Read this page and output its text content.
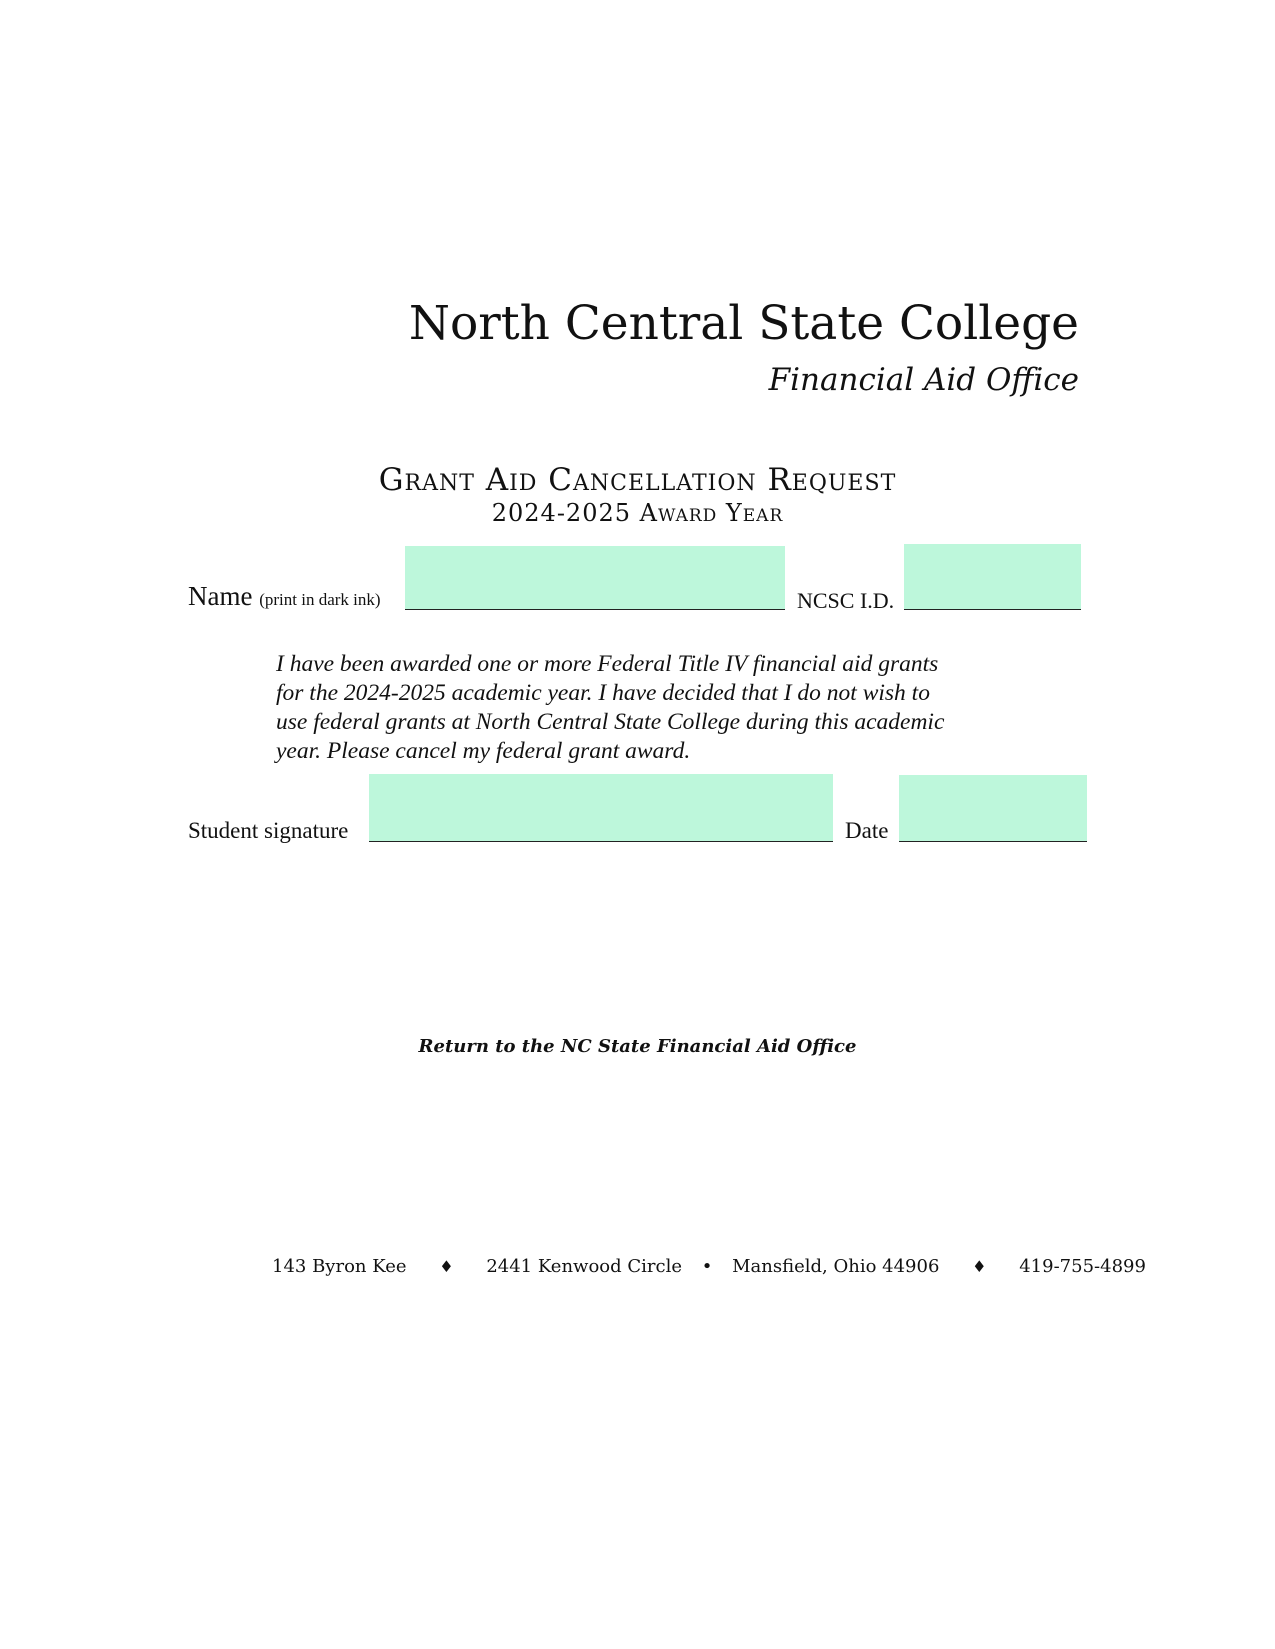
North Central State College
Financial Aid Office
Grant Aid Cancellation Request
2024-2025 Award Year
Name (print in dark ink)	NCSC I.D.

I have been awarded one or more Federal Title IV financial aid grants

for the 2024-2025 academic year. I have decided that I do not wish to

use federal grants at North Central State College during this academic

year. Please cancel my federal grant award.

Student signature	Date
Return to the NC State Financial Aid Office
143 Byron Kee ♦ 2441 Kenwood Circle • Mansfield, Ohio 44906 ♦ 419-755-4899
